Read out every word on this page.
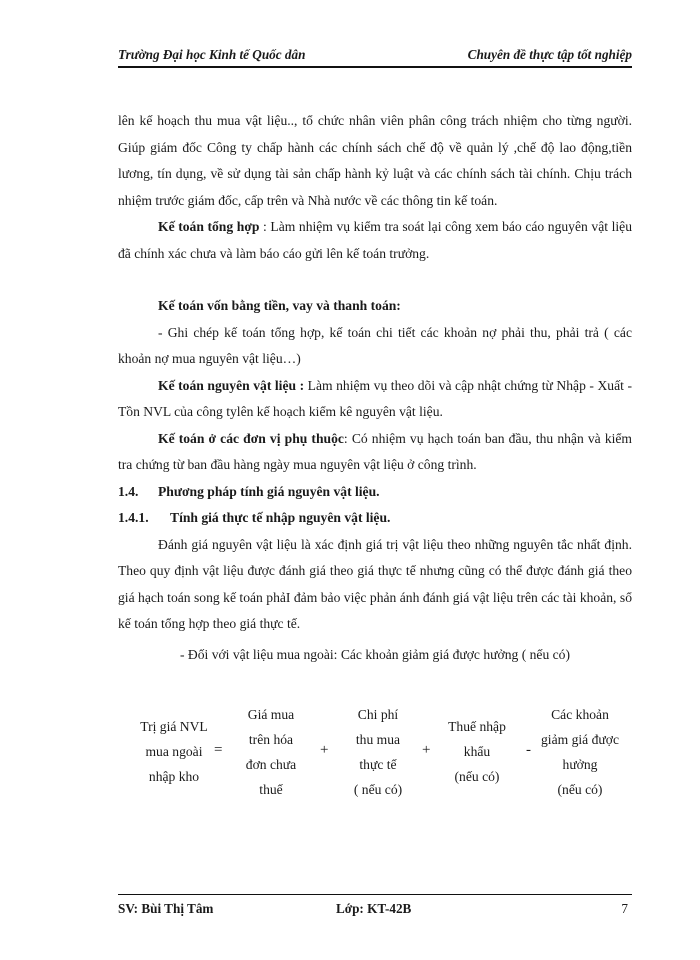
Trường Đại học Kinh tế Quốc dân	Chuyên đề thực tập tốt nghiệp

lên kế hoạch thu mua vật liệu.., tổ chức nhân viên phân công trách nhiệm cho từng người. Giúp giám đốc Công ty chấp hành các chính sách chế độ về quản lý ,chế độ lao động,tiền lương, tín dụng, về sử dụng tài sản chấp hành kỷ luật và các chính sách tài chính. Chịu trách nhiệm trước giám đốc, cấp trên và Nhà nước về các thông tin kế toán.

Kế toán tổng hợp : Làm nhiệm vụ kiểm tra soát lại công xem báo cáo nguyên vật liệu đã chính xác chưa và làm báo cáo gửi lên kế toán trưởng.

Kế toán vốn bằng tiền, vay và thanh toán:

- Ghi chép kế toán tổng hợp, kế toán chi tiết các khoản nợ phải thu, phải trả ( các khoản nợ mua nguyên vật liệu…)

Kế toán nguyên vật liệu : Làm nhiệm vụ theo dõi và cập nhật chứng từ Nhập - Xuất - Tồn NVL của công tylên kế hoạch kiểm kê nguyên vật liệu.

Kế toán ở các đơn vị phụ thuộc: Có nhiệm vụ hạch toán ban đầu, thu nhận và kiểm tra chứng từ ban đầu hàng ngày mua nguyên vật liệu ở công trình.

1.4. Phương pháp tính giá nguyên vật liệu.

1.4.1. Tính giá thực tế nhập nguyên vật liệu.

Đánh giá nguyên vật liệu là xác định giá trị vật liệu theo những nguyên tắc nhất định. Theo quy định vật liệu được đánh giá theo giá thực tế nhưng cũng có thể được đánh giá theo giá hạch toán song kế toán phảI đảm bảo việc phản ánh đánh giá vật liệu trên các tài khoản, sổ kế toán tổng hợp theo giá thực tế.

- Đối với vật liệu mua ngoài: Các khoản giảm giá được hưởng ( nếu có)

Trị giá NVL
mua ngoài
nhập kho
=
Giá mua
trên hóa
đơn chưa
thuế
+
Chi phí
thu mua
thực tế
( nếu có)
+
Thuế nhập
khẩu
(nếu có)
-
Các khoản
giảm giá được
hưởng
(nếu có)
SV: Bùi Thị Tâm	Lớp: KT-42B	7
